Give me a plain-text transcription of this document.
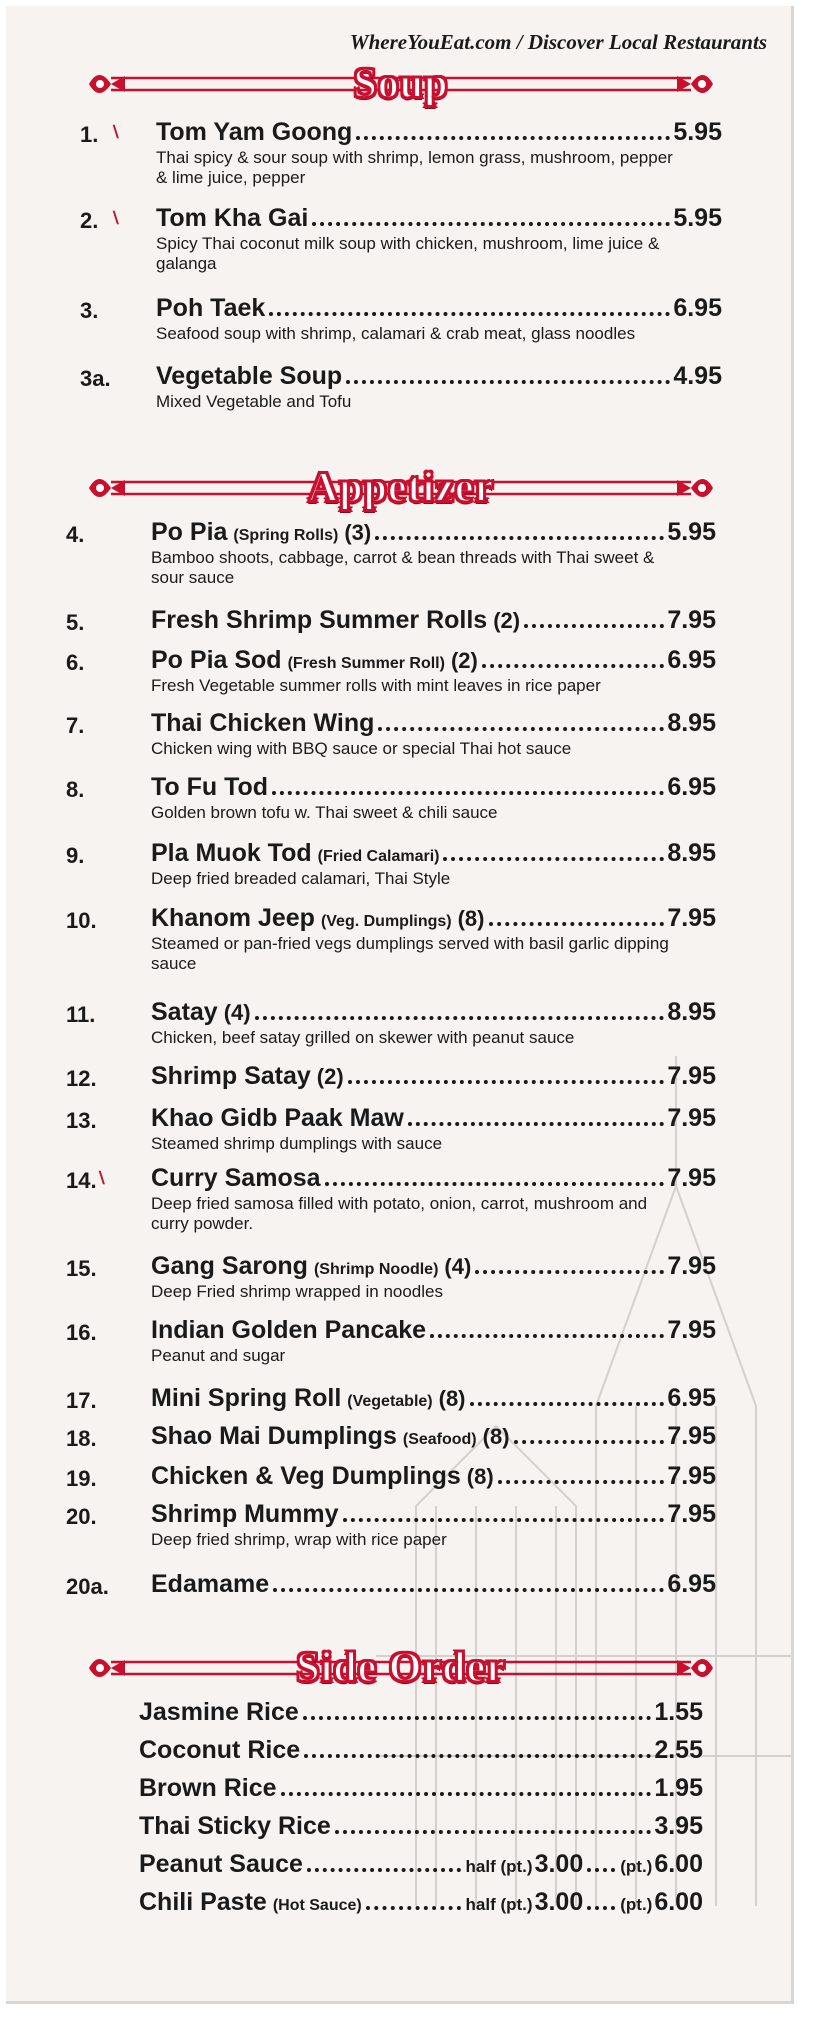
WhereYouEat.com / Discover Local Restaurants
Soup
1. ∖ Tom Yam Goong	5.95
Thai spicy & sour soup with shrimp, lemon grass, mushroom, pepper & lime juice, pepper
2. ∖ Tom Kha Gai	5.95
Spicy Thai coconut milk soup with chicken, mushroom, lime juice & galanga
3. Poh Taek	6.95
Seafood soup with shrimp, calamari & crab meat, glass noodles
3a. Vegetable Soup	4.95
Mixed Vegetable and Tofu
Appetizer
4.	Po Pia (Spring Rolls) (3)	5.95
Bamboo shoots, cabbage, carrot & bean threads with Thai sweet & sour sauce
5.	Fresh Shrimp Summer Rolls (2)	7.95
6.	Po Pia Sod (Fresh Summer Roll) (2)	6.95
Fresh Vegetable summer rolls with mint leaves in rice paper
7.	Thai Chicken Wing	8.95
Chicken wing with BBQ sauce or special Thai hot sauce
8.	To Fu Tod	6.95
Golden brown tofu w. Thai sweet & chili sauce
9.	Pla Muok Tod (Fried Calamari)	8.95
Deep fried breaded calamari, Thai Style
10. Khanom Jeep (Veg. Dumplings) (8)	7.95
Steamed or pan-fried vegs dumplings served with basil garlic dipping sauce
11. Satay (4)	8.95
Chicken, beef satay grilled on skewer with peanut sauce
12. Shrimp Satay (2)	7.95
13. Khao Gidb Paak Maw	7.95
Steamed shrimp dumplings with sauce
14. ∖ Curry Samosa	7.95
Deep fried samosa filled with potato, onion, carrot, mushroom and curry powder.
15. Gang Sarong (Shrimp Noodle) (4)	7.95
Deep Fried shrimp wrapped in noodles
16. Indian Golden Pancake	7.95
Peanut and sugar
17. Mini Spring Roll (Vegetable) (8)	6.95
18. Shao Mai Dumplings (Seafood) (8)	7.95
19. Chicken & Veg Dumplings (8)	7.95
20. Shrimp Mummy	7.95
Deep fried shrimp, wrap with rice paper
20a. Edamame	6.95
Side Order
Jasmine Rice	1.55
Coconut Rice	2.55
Brown Rice	1.95
Thai Sticky Rice	3.95
Peanut Sauce	half (pt.) 3.00 (pt.) 6.00
Chili Paste (Hot Sauce)	half (pt.) 3.00 (pt.) 6.00
